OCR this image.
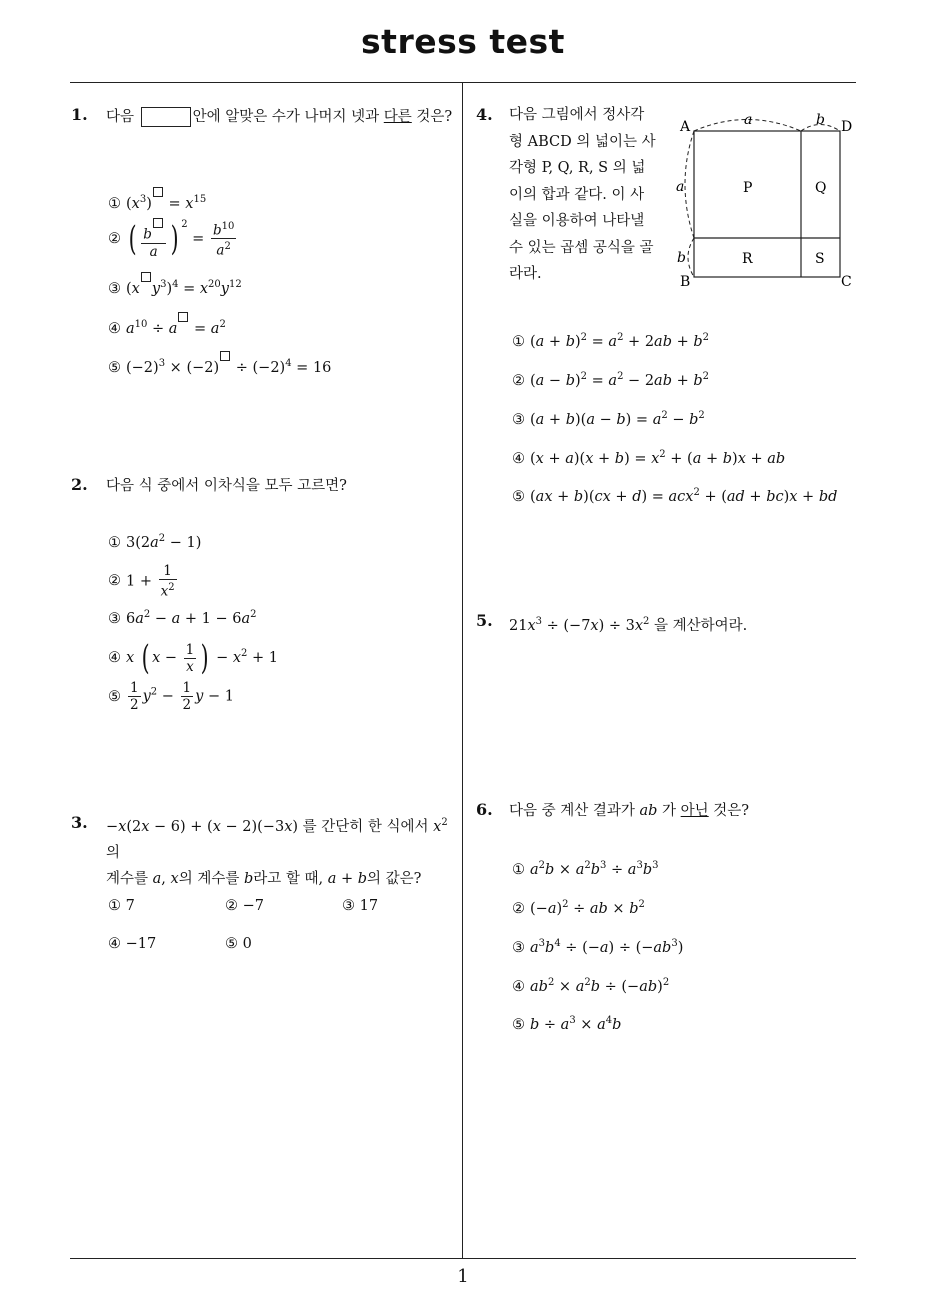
stress test
1
1. 다음	안에 알맞은 수가 나머지 넷과 다른 것은?
① $(x^3) = x^{15}$
② ( $\frac{b}{a}$ ) $^2 = \frac{b^{10}}{a^2}$
③ (x $y^3)^4 = x^{20}y^{12}$
④ $a^{10} \div a = a^2$
⑤ $(-2)^3 \times (-2) \div (-2)^4 = 16$
2. 다음 식 중에서 이차식을 모두 고르면?
① $3(2a^2 - 1)$
② $1 + \frac{1}{x^2}$
③ $6a^2 - a + 1 - 6a^2$
④ x ( $x - \frac{1}{x}$ ) − $x^2 + 1$
⑤ $\frac{1}{2} y^2 - \frac{1}{2}$ y − 1
3. −x(2x − 6) + (x − 2)(−3x) 를 간단히 한 식에서 $x^2$ 의
계수를 a, x의 계수를 b라고 할 때, a + b의 값은?
① 7	② −7	③ 17
④ −17	⑤ 0
4. 다음 그림에서 정사각
형 ABCD 의 넓이는 사
각형 P, Q, R, S 의 넓
이의 합과 같다. 이 사
실을 이용하여 나타낼
수 있는 곱셈 공식을 골
라라.
A
B	C
D
P	Q
R	S
a	b
a
b
① $(a + b)^2 = a^2 + 2ab + b^2$
② $(a - b)^2 = a^2 - 2ab + b^2$
③ $(a + b)(a - b) = a^2 - b^2$
④ $(x + a)(x + b) = x^2 + (a + b)x$ + ab
⑤ (ax + b)(cx + d) = acx$^2$ + (ad + bc)x + bd
5. $21x^3 \div (-7x) \div 3x^2$ 을 계산하여라.
6. 다음 중 계산 결과가 ab 가 아닌 것은?
① $a^2b \times a^2b^3 \div a^3b^3$
② $(-a)^2$ ÷ ab × $b^2$
③ $a^3b^4 \div (-a) \div (-ab^3)$
④ $ab^2 \times a^2b \div (-ab)^2$
⑤ $b \div a^3 \times a^4b$
